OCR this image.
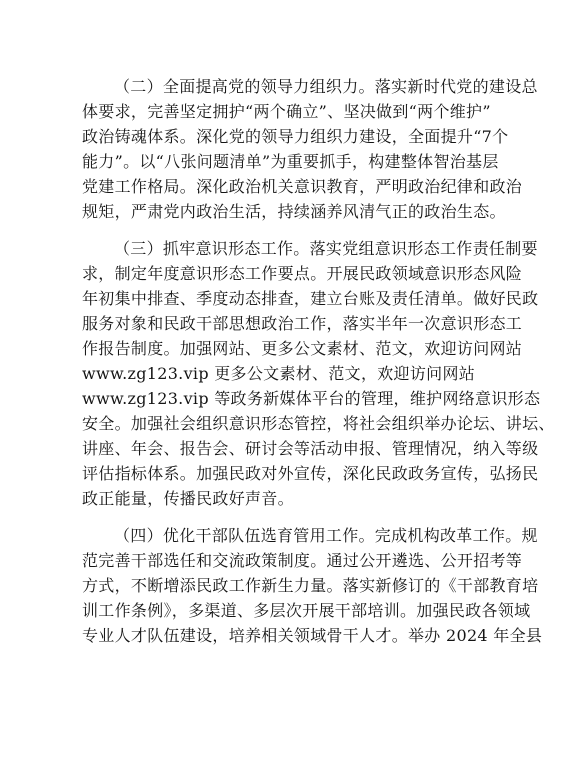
（二）全面提高党的领导力组织力。落实新时代党的建设总
体要求，完善坚定拥护“两个确立”、坚决做到“两个维护”
政治铸魂体系。深化党的领导力组织力建设，全面提升“7个
能力”。以“八张问题清单”为重要抓手，构建整体智治基层
党建工作格局。深化政治机关意识教育，严明政治纪律和政治
规矩，严肃党内政治生活，持续涵养风清气正的政治生态。
（三）抓牢意识形态工作。落实党组意识形态工作责任制要
求，制定年度意识形态工作要点。开展民政领域意识形态风险
年初集中排查、季度动态排查，建立台账及责任清单。做好民政
服务对象和民政干部思想政治工作，落实半年一次意识形态工
作报告制度。加强网站、更多公文素材、范文，欢迎访问网站
www.zg123.vip 更多公文素材、范文，欢迎访问网站
www.zg123.vip 等政务新媒体平台的管理，维护网络意识形态
安全。加强社会组织意识形态管控，将社会组织举办论坛、讲坛、
讲座、年会、报告会、研讨会等活动申报、管理情况，纳入等级
评估指标体系。加强民政对外宣传，深化民政政务宣传，弘扬民
政正能量，传播民政好声音。
（四）优化干部队伍选育管用工作。完成机构改革工作。规
范完善干部选任和交流政策制度。通过公开遴选、公开招考等
方式，不断增添民政工作新生力量。落实新修订的《干部教育培
训工作条例》，多渠道、多层次开展干部培训。加强民政各领域
专业人才队伍建设，培养相关领域骨干人才。举办 2024 年全县
